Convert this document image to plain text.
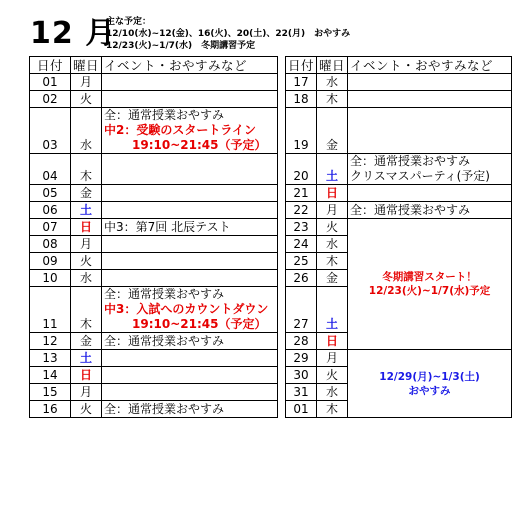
12 月
主な予定：
12/10(水)~12(金)、16(火)、20(土)、22(月)　おやすみ
12/23(火)~1/7(水)　冬期講習予定
日付	曜日	イベント・おやすみなど		日付	曜日	イベント・おやすみなど
01	月			17	水	

02	火			18	木	

03	水	全：通常授業おやすみ
中2：受験のスタートライン
19:10~21:45（予定）		19	金	

04	木			20	土	全：通常授業おやすみ
クリスマスパーティ(予定)

05	金			21	日	

06	土			22	月	全：通常授業おやすみ

07	日	中3：第7回 北辰テスト		23	火	冬期講習スタート！
12/23(火)~1/7(水)予定

08	月			24	水	
09	火			25	木	
10	水			26	金	
11	木	全：通常授業おやすみ
中3：入試へのカウントダウン
19:10~21:45（予定）		27	土	
12	金	全：通常授業おやすみ		28	日	
13	土			29	月	12/29(月)~1/3(土)
おやすみ

14	日			30	火	
15	月			31	水	
16	火	全：通常授業おやすみ		01	木	
